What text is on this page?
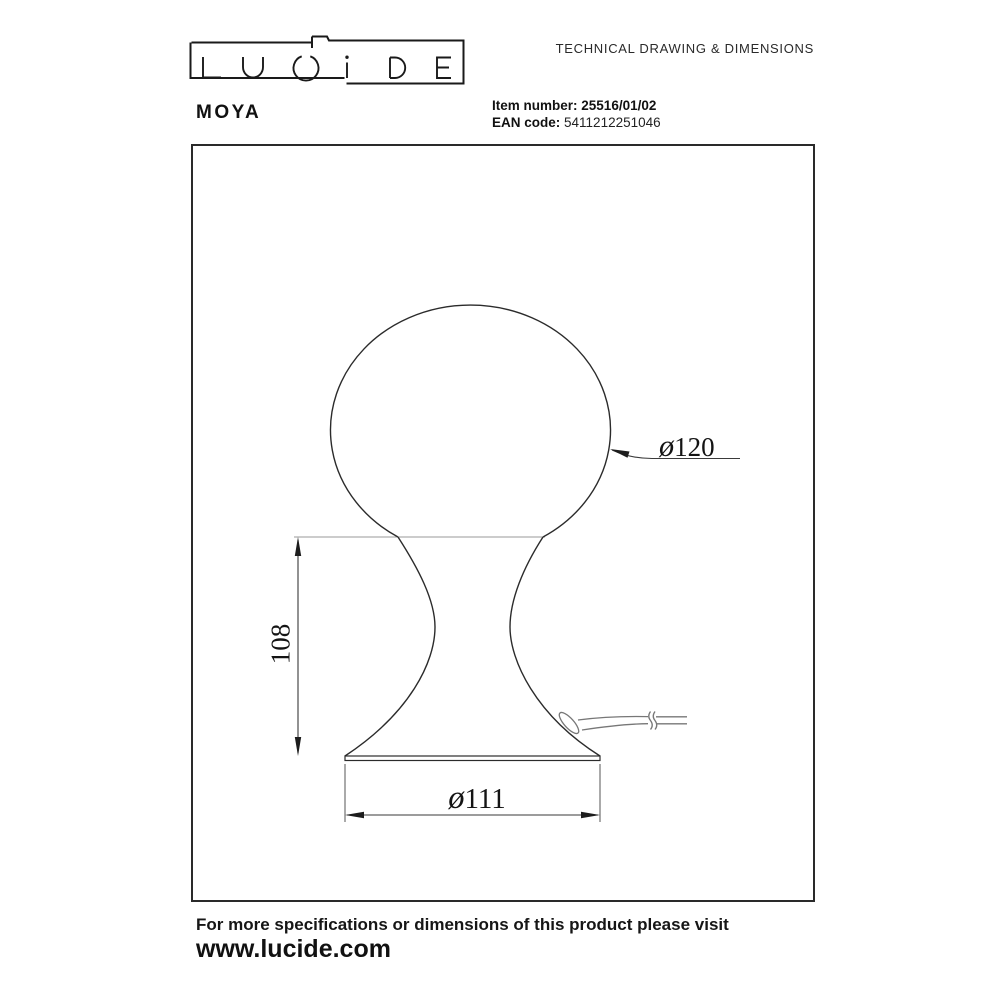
TECHNICAL DRAWING & DIMENSIONS
MOYA	Item number: 25516/01/02
EAN code: 5411212251046
ø120
108
ø111
For more specifications or dimensions of this product please visit
www.lucide.com
